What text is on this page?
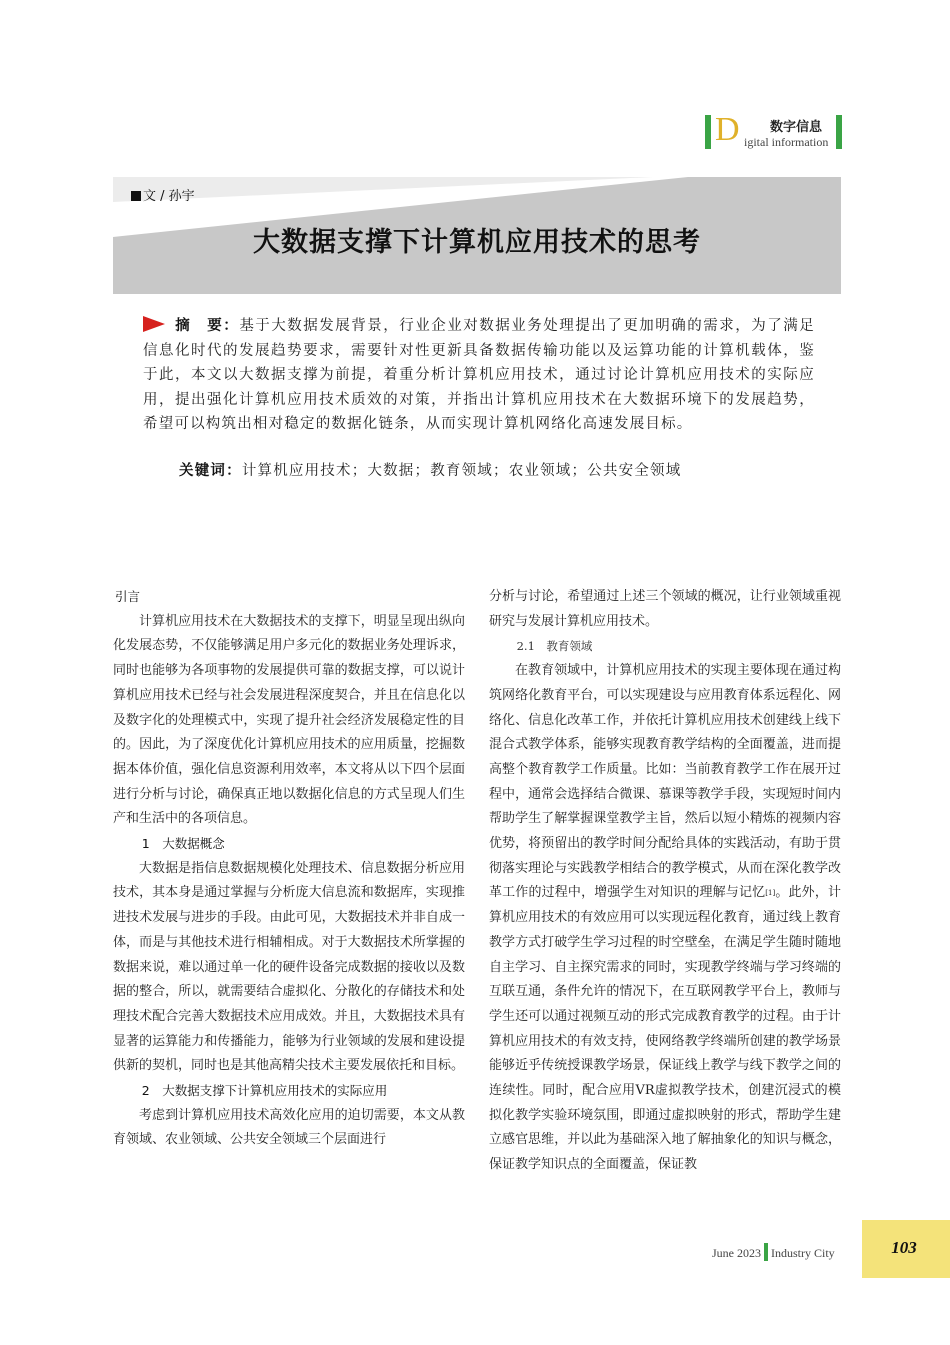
D 数字信息
igital information
文 / 孙宇
大数据支撑下计算机应用技术的思考
摘　要：基于大数据发展背景，行业企业对数据业务处理提出了更加明确的需求，为了满足信息化时代的发展趋势要求，需要针对性更新具备数据传输功能以及运算功能的计算机载体，鉴于此，本文以大数据支撑为前提，着重分析计算机应用技术，通过讨论计算机应用技术的实际应用，提出强化计算机应用技术质效的对策，并指出计算机应用技术在大数据环境下的发展趋势，希望可以构筑出相对稳定的数据化链条，从而实现计算机网络化高速发展目标。
关键词：计算机应用技术；大数据；教育领域；农业领域；公共安全领域
引言

计算机应用技术在大数据技术的支撑下，明显呈现出纵向化发展态势，不仅能够满足用户多元化的数据业务处理诉求，同时也能够为各项事物的发展提供可靠的数据支撑，可以说计算机应用技术已经与社会发展进程深度契合，并且在信息化以及数字化的处理模式中，实现了提升社会经济发展稳定性的目的。因此，为了深度优化计算机应用技术的应用质量，挖掘数据本体价值，强化信息资源利用效率，本文将从以下四个层面进行分析与讨论，确保真正地以数据化信息的方式呈现人们生产和生活中的各项信息。

1　大数据概念

大数据是指信息数据规模化处理技术、信息数据分析应用技术，其本身是通过掌握与分析庞大信息流和数据库，实现推进技术发展与进步的手段。由此可见，大数据技术并非自成一体，而是与其他技术进行相辅相成。对于大数据技术所掌握的数据来说，难以通过单一化的硬件设备完成数据的接收以及数据的整合，所以，就需要结合虚拟化、分散化的存储技术和处理技术配合完善大数据技术应用成效。并且，大数据技术具有显著的运算能力和传播能力，能够为行业领域的发展和建设提供新的契机，同时也是其他高精尖技术主要发展依托和目标。

2　大数据支撑下计算机应用技术的实际应用

考虑到计算机应用技术高效化应用的迫切需要，本文从教育领域、农业领域、公共安全领域三个层面进行

分析与讨论，希望通过上述三个领域的概况，让行业领域重视研究与发展计算机应用技术。

2.1　教育领域

在教育领域中，计算机应用技术的实现主要体现在通过构筑网络化教育平台，可以实现建设与应用教育体系远程化、网络化、信息化改革工作，并依托计算机应用技术创建线上线下混合式教学体系，能够实现教育教学结构的全面覆盖，进而提高整个教育教学工作质量。比如：当前教育教学工作在展开过程中，通常会选择结合微课、慕课等教学手段，实现短时间内帮助学生了解掌握课堂教学主旨，然后以短小精炼的视频内容优势，将预留出的教学时间分配给具体的实践活动，有助于贯彻落实理论与实践教学相结合的教学模式，从而在深化教学改革工作的过程中，增强学生对知识的理解与记忆[1]。此外，计算机应用技术的有效应用可以实现远程化教育，通过线上教育教学方式打破学生学习过程的时空壁垒，在满足学生随时随地自主学习、自主探究需求的同时，实现教学终端与学习终端的互联互通，条件允许的情况下，在互联网教学平台上，教师与学生还可以通过视频互动的形式完成教育教学的过程。由于计算机应用技术的有效支持，使网络教学终端所创建的教学场景能够近乎传统授课教学场景，保证线上教学与线下教学之间的连续性。同时，配合应用VR虚拟教学技术，创建沉浸式的模拟化教学实验环境氛围，即通过虚拟映射的形式，帮助学生建立感官思维，并以此为基础深入地了解抽象化的知识与概念，保证教学知识点的全面覆盖，保证教

June 2023 Industry City	103
